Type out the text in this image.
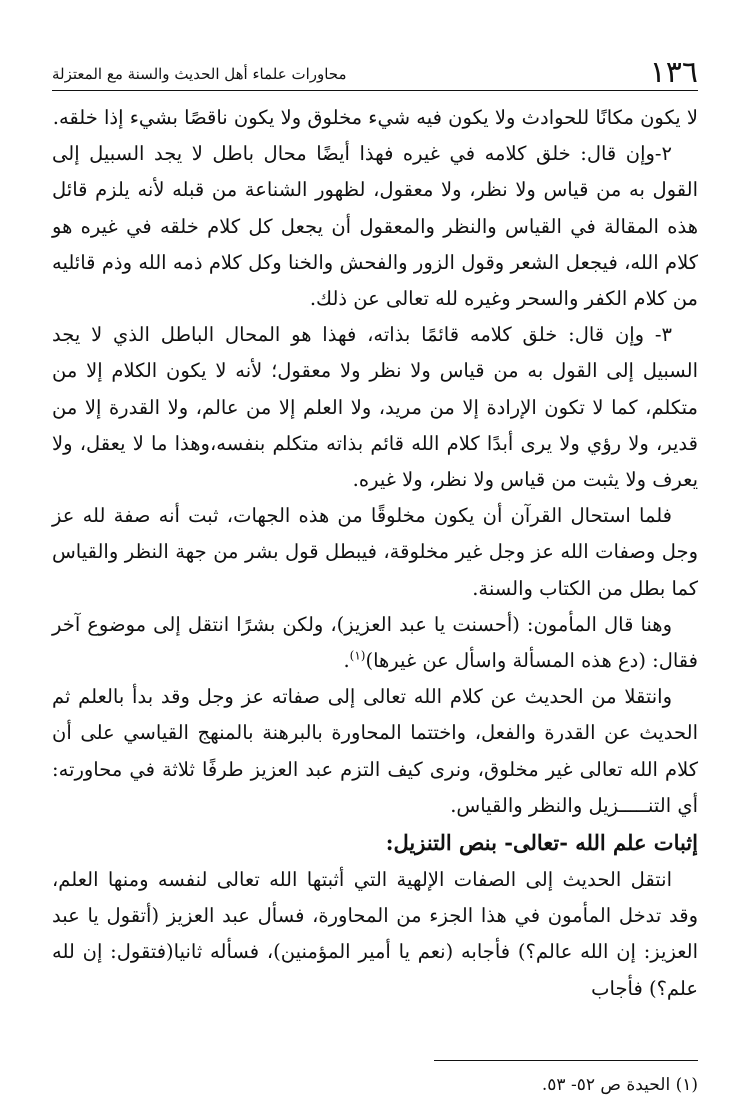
١٣٦
محاورات علماء أهل الحديث والسنة مع المعتزلة

لا يكون مكانًا للحوادث ولا يكون فيه شيء مخلوق ولا يكون ناقصًا بشيء إذا خلقه.

٢-وإن قال: خلق كلامه في غيره فهذا أيضًا محال باطل لا يجد السبيل إلى القول به من قياس ولا نظر، ولا معقول، لظهور الشناعة من قبله لأنه يلزم قائل هذه المقالة في القياس والنظر والمعقول أن يجعل كل كلام خلقه في غيره هو كلام الله، فيجعل الشعر وقول الزور والفحش والخنا وكل كلام ذمه الله وذم قائليه من كلام الكفر والسحر وغيره لله تعالى عن ذلك.

٣- وإن قال: خلق كلامه قائمًا بذاته، فهذا هو المحال الباطل الذي لا يجد السبيل إلى القول به من قياس ولا نظر ولا معقول؛ لأنه لا يكون الكلام إلا من متكلم، كما لا تكون الإرادة إلا من مريد، ولا العلم إلا من عالم، ولا القدرة إلا من قدير، ولا رؤي ولا يرى أبدًا كلام الله قائم بذاته متكلم بنفسه،وهذا ما لا يعقل، ولا يعرف ولا يثبت من قياس ولا نظر، ولا غيره.

فلما استحال القرآن أن يكون مخلوقًا من هذه الجهات، ثبت أنه صفة لله عز وجل وصفات الله عز وجل غير مخلوقة، فيبطل قول بشر من جهة النظر والقياس كما بطل من الكتاب والسنة.

وهنا قال المأمون: (أحسنت يا عبد العزيز)، ولكن بشرًا انتقل إلى موضوع آخر فقال: (دع هذه المسألة واسأل عن غيرها)$^{(١)}$.

وانتقلا من الحديث عن كلام الله تعالى إلى صفاته عز وجل وقد بدأ بالعلم ثم الحديث عن القدرة والفعل، واختتما المحاورة بالبرهنة بالمنهج القياسي على أن كلام الله تعالى غير مخلوق، ونرى كيف التزم عبد العزيز طرفًا ثلاثة في محاورته: أي التنـــــزيل والنظر والقياس.

إثبات علم الله -تعالى- بنص التنزيل:

انتقل الحديث إلى الصفات الإلهية التي أثبتها الله تعالى لنفسه ومنها العلم، وقد تدخل المأمون في هذا الجزء من المحاورة، فسأل عبد العزيز (أتقول يا عبد العزيز: إن الله عالم؟) فأجابه (نعم يا أمير المؤمنين)، فسأله ثانيا(فتقول: إن لله علم؟) فأجاب

(١) الحيدة ص ٥٢- ٥٣.
